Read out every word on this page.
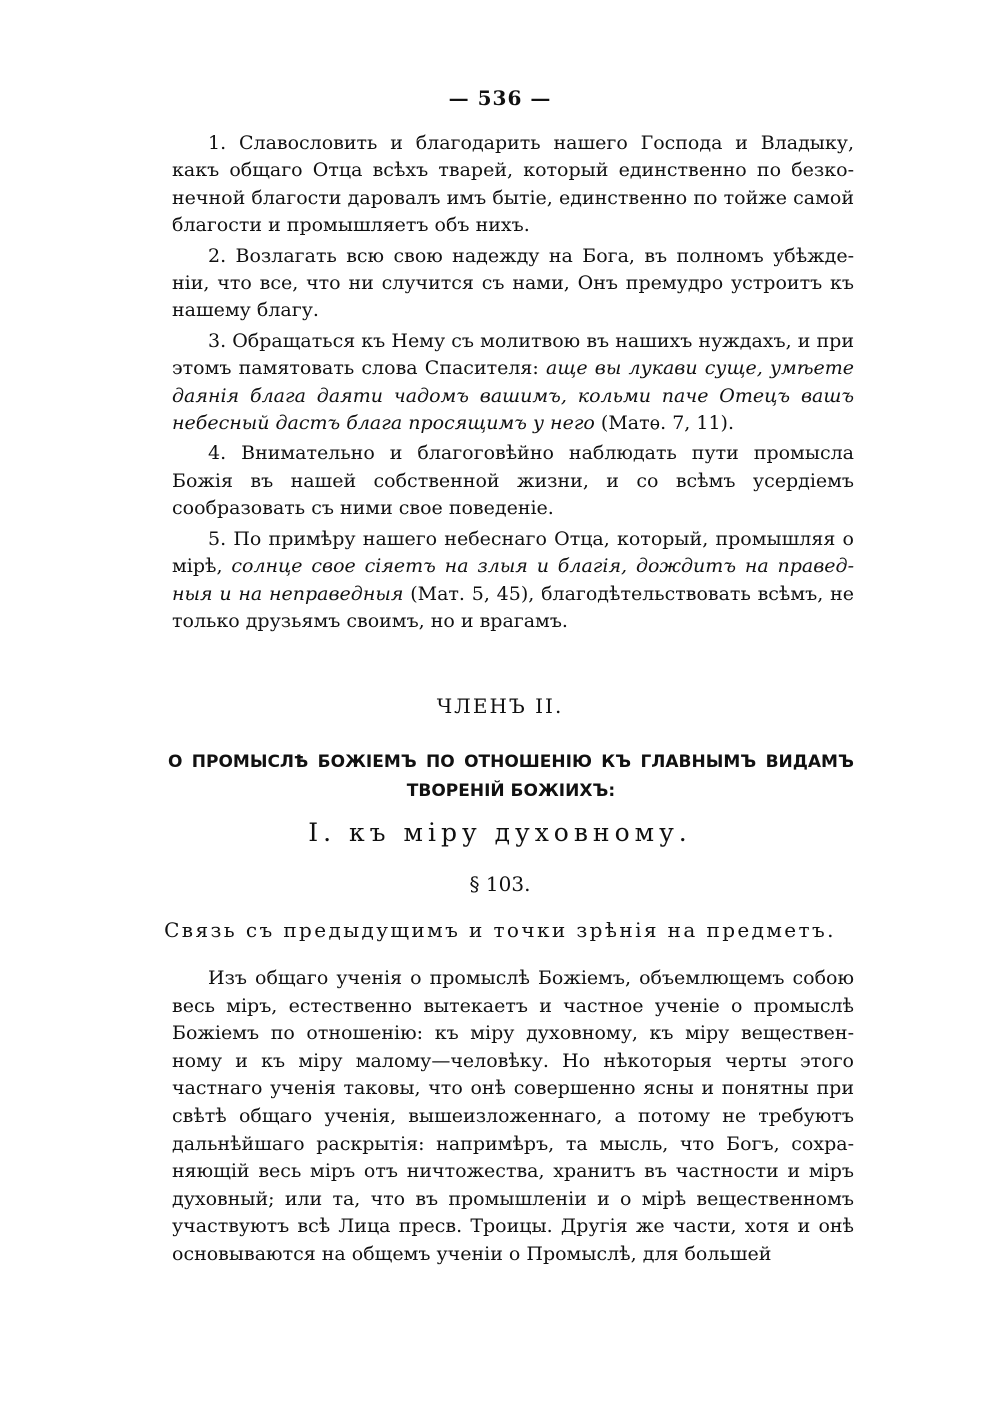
— 536 —

1. Славословить и благодарить нашего Господа и Владыку, какъ общаго Отца всѣхъ тварей, который единственно по безко- нечной благости даровалъ имъ бытіе, единственно по тойже самой благости и промышляетъ объ нихъ.

2. Возлагать всю свою надежду на Бога, въ полномъ убѣжде- ніи, что все, что ни случится съ нами, Онъ премудро устроитъ къ нашему благу.

3. Обращаться къ Нему съ молитвою въ нашихъ нуждахъ, и при этомъ памятовать слова Спасителя: аще вы лукави суще, умѣете даянія блага даяти чадомъ вашимъ, кольми паче Отецъ вашъ небесный дастъ блага просящимъ у него (Матѳ. 7, 11).

4. Внимательно и благоговѣйно наблюдать пути промысла Божія въ нашей собственной жизни, и со всѣмъ усердіемъ сообразовать съ ними свое поведеніе.

5. По примѣру нашего небеснаго Отца, который, промышляя о мірѣ, солнце свое сіяетъ на злыя и благія, дождитъ на правед- ныя и на неправедныя (Мат. 5, 45), благодѣтельствовать всѣмъ, не только друзьямъ своимъ, но и врагамъ.

ЧЛЕНЪ II.
О ПРОМЫСЛѢ БОЖІЕМЪ ПО ОТНОШЕНІЮ КЪ ГЛАВНЫМЪ ВИДАМЪ
ТВОРЕНІЙ БОЖІИХЪ:
I. къ міру духовному.
§ 103.
Связь съ предыдущимъ и точки зрѣнія на предметъ.

Изъ общаго ученія о промыслѣ Божіемъ, объемлющемъ собою весь міръ, естественно вытекаетъ и частное ученіе о промыслѣ Божіемъ по отношенію: къ міру духовному, къ міру веществен- ному и къ міру малому—человѣку. Но нѣкоторыя черты этого частнаго ученія таковы, что онѣ совершенно ясны и понятны при свѣтѣ общаго ученія, вышеизложеннаго, а потому не требуютъ дальнѣйшаго раскрытія: напримѣръ, та мысль, что Богъ, сохра- няющій весь міръ отъ ничтожества, хранитъ въ частности и міръ духовный; или та, что въ промышленіи и о мірѣ вещественномъ участвуютъ всѣ Лица пресв. Троицы. Другія же части, хотя и онѣ основываются на общемъ ученіи о Промыслѣ, для большей
